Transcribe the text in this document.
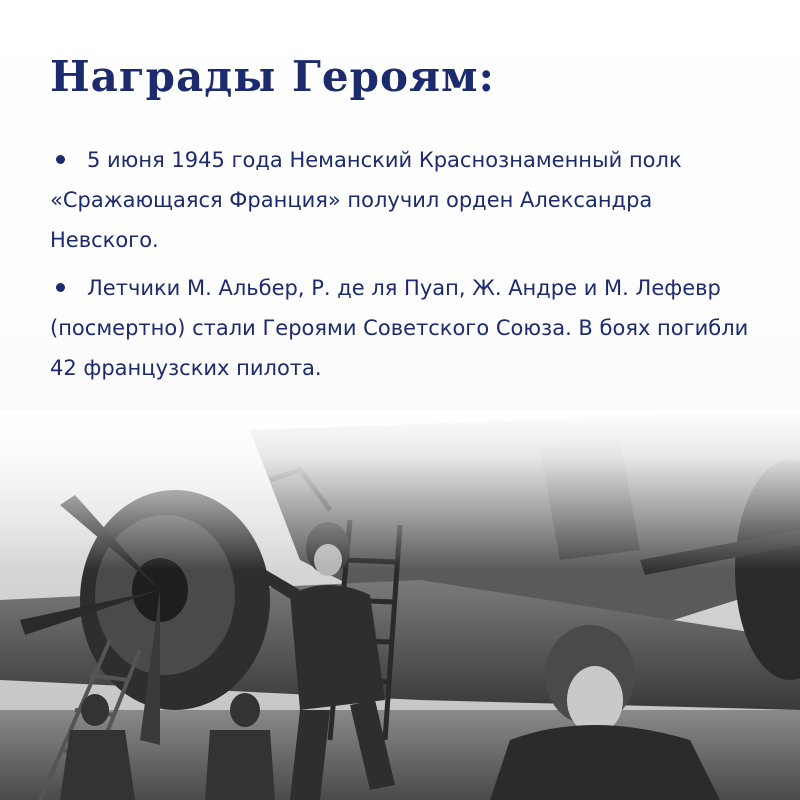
Награды Героям:
5 июня 1945 года Неманский Краснознаменный полк «Сражающаяся Франция» получил орден Александра Невского.
Летчики М. Альбер, Р. де ля Пуап, Ж. Андре и М. Лефевр (посмертно) стали Героями Советского Союза. В боях погибли 42 французских пилота.
